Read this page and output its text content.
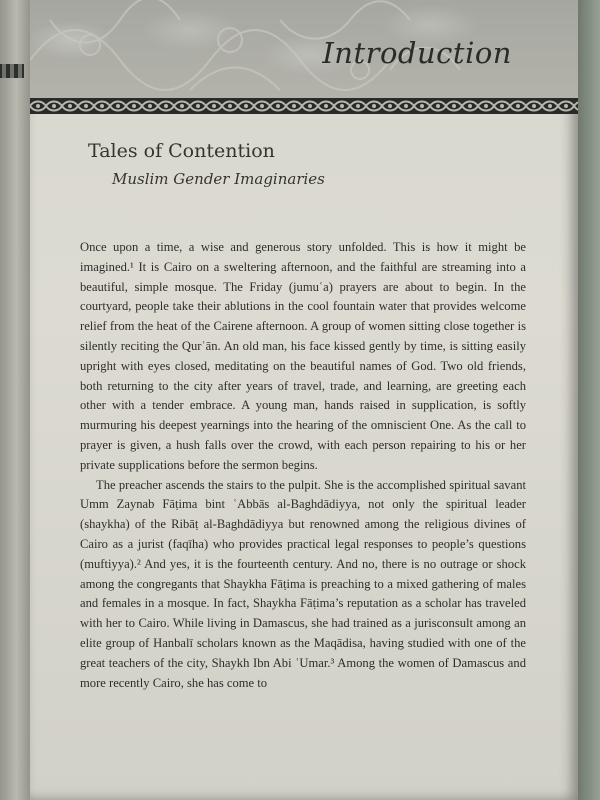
Introduction
Tales of Contention
Muslim Gender Imaginaries

Once upon a time, a wise and generous story unfolded. This is how it might be imagined.¹ It is Cairo on a sweltering afternoon, and the faithful are streaming into a beautiful, simple mosque. The Friday (jumuʿa) prayers are about to begin. In the courtyard, people take their ablutions in the cool fountain water that provides welcome relief from the heat of the Cairene afternoon. A group of women sitting close together is silently reciting the Qurʾān. An old man, his face kissed gently by time, is sitting easily upright with eyes closed, meditating on the beautiful names of God. Two old friends, both returning to the city after years of travel, trade, and learning, are greeting each other with a tender embrace. A young man, hands raised in supplication, is softly murmuring his deepest yearnings into the hearing of the omniscient One. As the call to prayer is given, a hush falls over the crowd, with each person repairing to his or her private supplications before the sermon begins.

The preacher ascends the stairs to the pulpit. She is the accomplished spiritual savant Umm Zaynab Fāṭima bint ʿAbbās al-Baghdādiyya, not only the spiritual leader (shaykha) of the Ribāṭ al-Baghdādiyya but renowned among the religious divines of Cairo as a jurist (faqīha) who provides practical legal responses to people’s questions (muftiyya).² And yes, it is the fourteenth century. And no, there is no outrage or shock among the congregants that Shaykha Fāṭima is preaching to a mixed gathering of males and females in a mosque. In fact, Shaykha Fāṭima’s reputation as a scholar has traveled with her to Cairo. While living in Damascus, she had trained as a jurisconsult among an elite group of Hanbalī scholars known as the Maqādisa, having studied with one of the great teachers of the city, Shaykh Ibn Abi ʿUmar.³ Among the women of Damascus and more recently Cairo, she has come to
